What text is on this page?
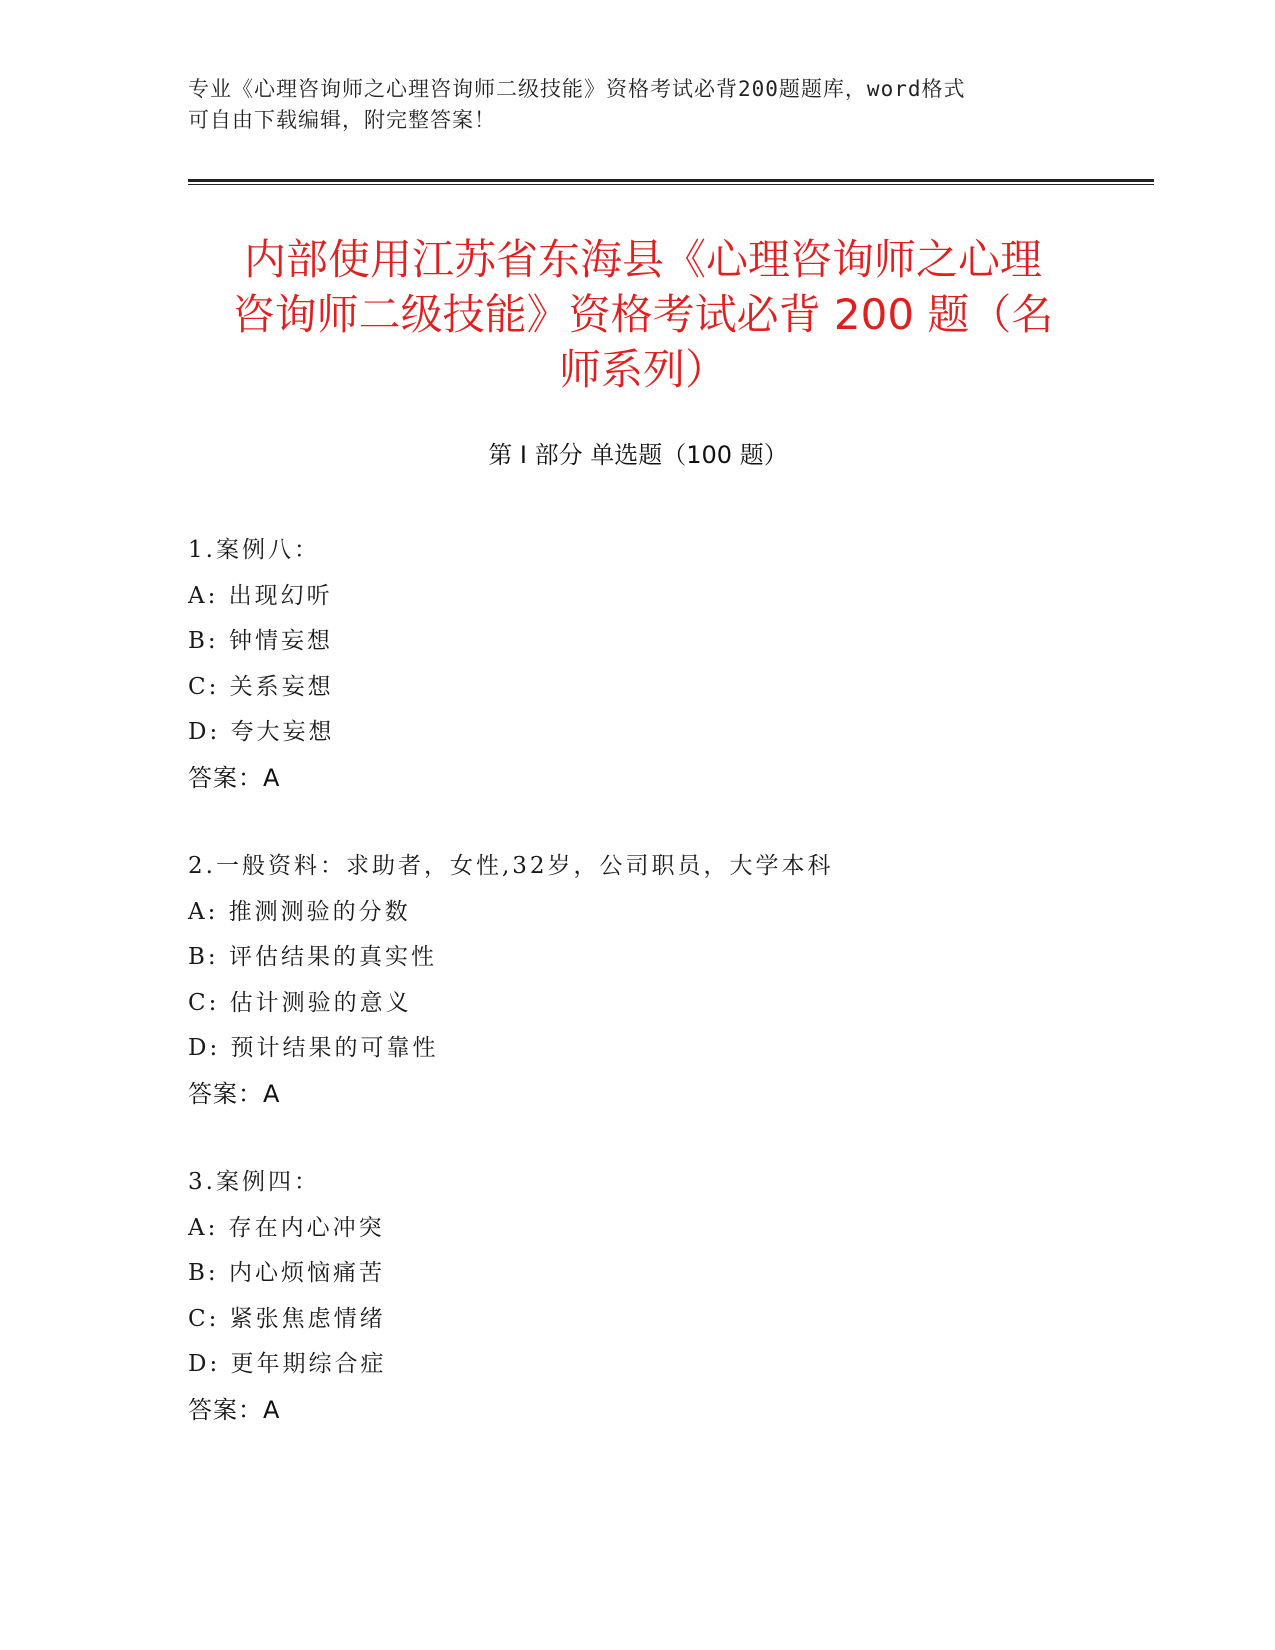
专业《心理咨询师之心理咨询师二级技能》资格考试必背200题题库，word格式
可自由下载编辑，附完整答案！
内部使用江苏省东海县《心理咨询师之心理
咨询师二级技能》资格考试必背 200 题（名
师系列）
第 I 部分 单选题（100 题）
1.案例八：
A: 出现幻听
B: 钟情妄想
C: 关系妄想
D: 夸大妄想
答案：A
2.一般资料：求助者，女性,32岁，公司职员，大学本科
A: 推测测验的分数
B: 评估结果的真实性
C: 估计测验的意义
D: 预计结果的可靠性
答案：A
3.案例四：
A: 存在内心冲突
B: 内心烦恼痛苦
C: 紧张焦虑情绪
D: 更年期综合症
答案：A
